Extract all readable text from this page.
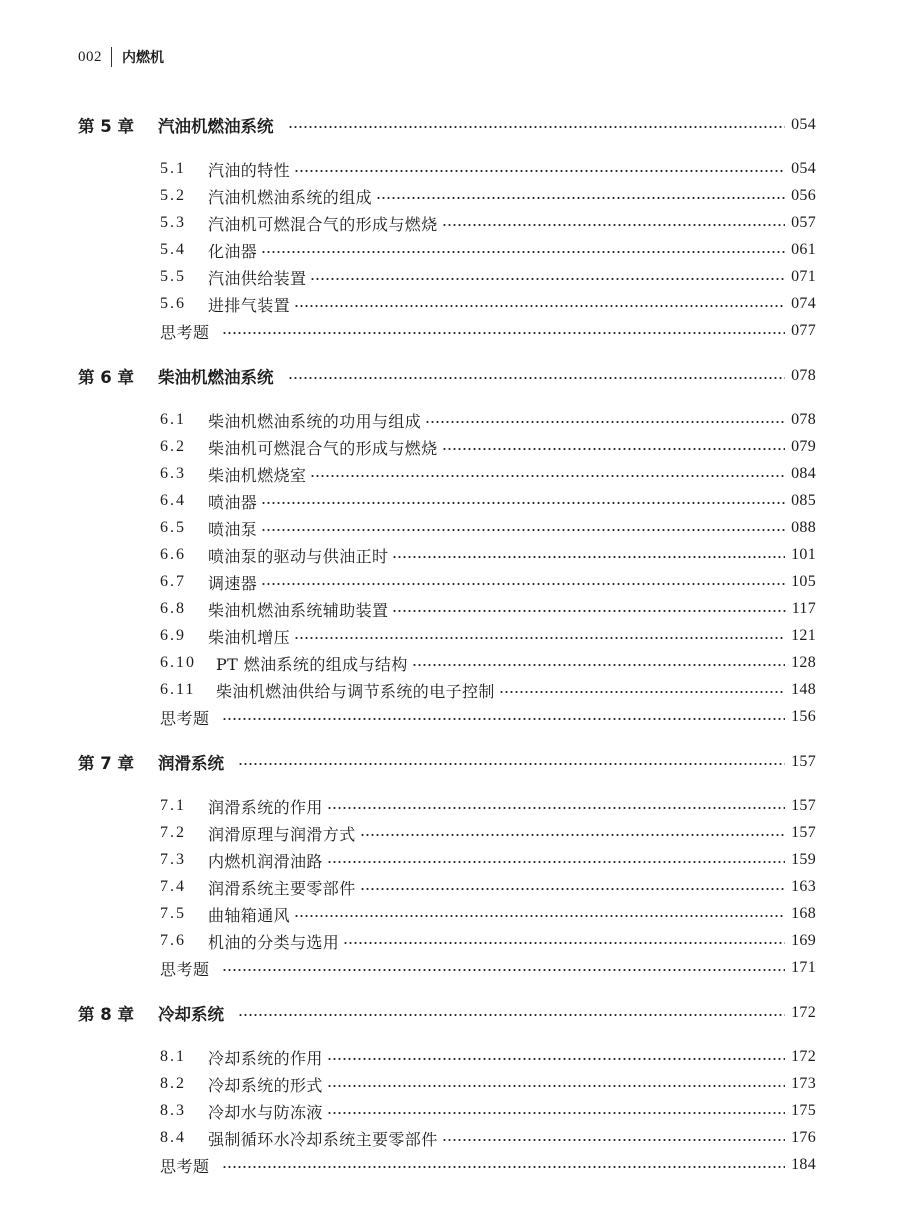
002 内燃机
第 5 章	汽油机燃油系统	054
5.1	汽油的特性	054
5.2	汽油机燃油系统的组成	056
5.3	汽油机可燃混合气的形成与燃烧	057
5.4	化油器	061
5.5	汽油供给装置	071
5.6	进排气装置	074
思考题	077
第 6 章	柴油机燃油系统	078
6.1	柴油机燃油系统的功用与组成	078
6.2	柴油机可燃混合气的形成与燃烧	079
6.3	柴油机燃烧室	084
6.4	喷油器	085
6.5	喷油泵	088
6.6	喷油泵的驱动与供油正时	101
6.7	调速器	105
6.8	柴油机燃油系统辅助装置	117
6.9	柴油机增压	121
6.10	PT 燃油系统的组成与结构	128
6.11	柴油机燃油供给与调节系统的电子控制	148
思考题	156
第 7 章	润滑系统	157
7.1	润滑系统的作用	157
7.2	润滑原理与润滑方式	157
7.3	内燃机润滑油路	159
7.4	润滑系统主要零部件	163
7.5	曲轴箱通风	168
7.6	机油的分类与选用	169
思考题	171
第 8 章	冷却系统	172
8.1	冷却系统的作用	172
8.2	冷却系统的形式	173
8.3	冷却水与防冻液	175
8.4	强制循环水冷却系统主要零部件	176
思考题	184
